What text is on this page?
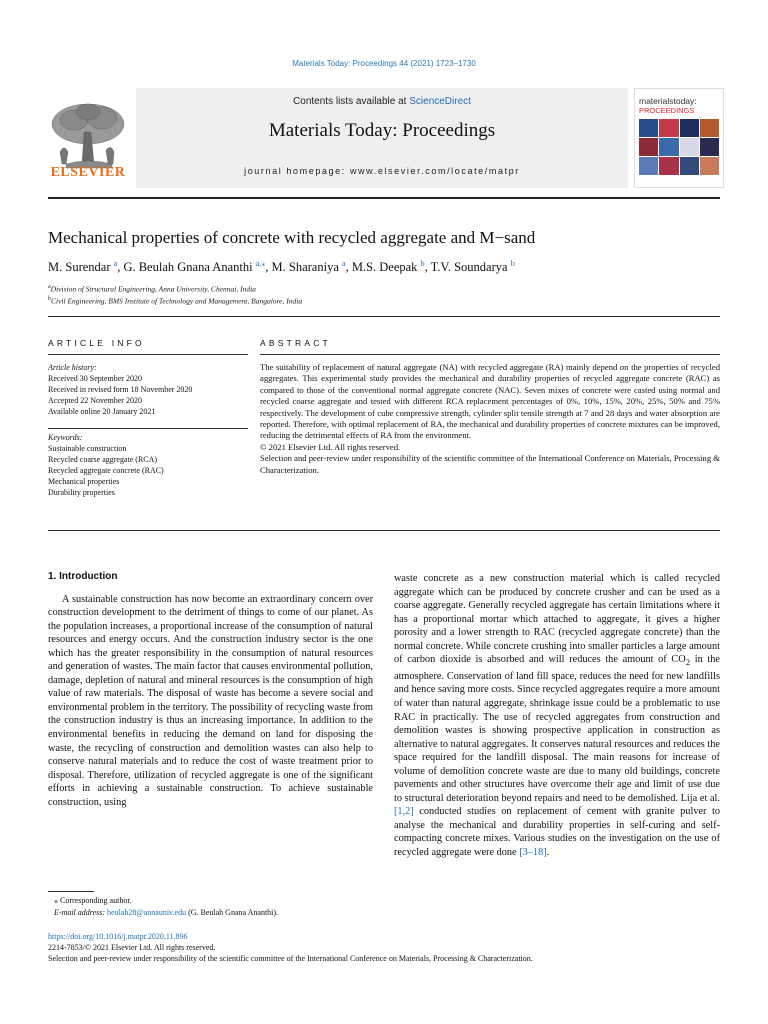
Materials Today: Proceedings 44 (2021) 1723–1730
Contents lists available at ScienceDirect
Materials Today: Proceedings
journal homepage: www.elsevier.com/locate/matpr
ELSEVIER
materialstoday:
PROCEEDINGS
Mechanical properties of concrete with recycled aggregate and M−sand
M. Surendar $^a$, G. Beulah Gnana Ananthi $^{a,⁎}$, M. Sharaniya $^a$, M.S. Deepak $^b$, T.V. Soundarya $^b$
$^a$Division of Structural Engineering, Anna University, Chennai, India
$^b$Civil Engineering, BMS Institute of Technology and Management, Bangalore, India
ARTICLE INFO	ABSTRACT
Article history:
Received 30 September 2020
Received in revised form 18 November 2020
Accepted 22 November 2020
Available online 20 January 2021
Keywords:
Sustainable construction
Recycled coarse aggregate (RCA)
Recycled aggregate concrete (RAC)
Mechanical properties
Durability properties

The suitability of replacement of natural aggregate (NA) with recycled aggregate (RA) mainly depend on the properties of recycled aggregates. This experimental study provides the mechanical and durability properties of recycled aggregate concrete (RAC) as compared to those of the conventional normal aggregate concrete (NAC). Seven mixes of concrete were casted using normal and recycled coarse aggregate and tested with different RCA replacement percentages of 0%, 10%, 15%, 20%, 25%, 50% and 75% respectively. The development of cube compressive strength, cylinder split tensile strength at 7 and 28 days and water absorption are reported. Therefore, with optimal replacement of RA, the mechanical and durability properties of concrete mixtures can be improved, reducing the detrimental effects of RA from the environment.

© 2021 Elsevier Ltd. All rights reserved.

Selection and peer-review under responsibility of the scientific committee of the International Conference on Materials, Processing & Characterization.

1. Introduction

A sustainable construction has now become an extraordinary concern over construction development to the detriment of things to come of our planet. As the population increases, a proportional increase of the consumption of natural resources and energy occurs. And the construction industry sector is the one which has the greater responsibility in the consumption of natural resources and generation of wastes. The main factor that causes environmental pollution, damage, depletion of natural and mineral resources is the consumption of high value of raw materials. The disposal of waste has become a severe social and environmental problem in the territory. The possibility of recycling waste from the construction industry is thus an increasing importance. In addition to the environmental benefits in reducing the demand on land for disposing the waste, the recycling of construction and demolition wastes can also help to conserve natural materials and to reduce the cost of waste treatment prior to disposal. Therefore, utilization of recycled aggregate is one of the significant efforts in achieving a sustainable construction. To achieve sustainable construction, using

waste concrete as a new construction material which is called recycled aggregate which can be produced by concrete crusher and can be used as a coarse aggregate. Generally recycled aggregate has certain limitations where it has a proportional mortar which attached to aggregate, it gives a higher porosity and a lower strength to RAC (recycled aggregate concrete) than the normal concrete. While concrete crushing into smaller particles a large amount of carbon dioxide is absorbed and will reduces the amount of $CO_2$ in the atmosphere. Conservation of land fill space, reduces the need for new landfills and hence saving more costs. Since recycled aggregates require a more amount of water than natural aggregate, shrinkage issue could be a problematic to use RAC in practically. The use of recycled aggregates from construction and demolition wastes is showing prospective application in construction as alternative to natural aggregates. It conserves natural resources and reduces the space required for the landfill disposal. The main reasons for increase of volume of demolition concrete waste are due to many old buildings, concrete pavements and other structures have overcome their age and limit of use due to structural deterioration beyond repairs and need to be demolished. Lija et al. [1,2] conducted studies on replacement of cement with granite pulver to analyse the mechanical and durability properties in self-curing and self-compacting concrete mixes. Various studies on the investigation on the use of recycled aggregate were done [3–18].

⁎ Corresponding author.
E-mail address: beulah28@annauniv.edu (G. Beulah Gnana Ananthi).
https://doi.org/10.1016/j.matpr.2020.11.896
2214-7853/© 2021 Elsevier Ltd. All rights reserved.
Selection and peer-review under responsibility of the scientific committee of the International Conference on Materials, Processing & Characterization.
